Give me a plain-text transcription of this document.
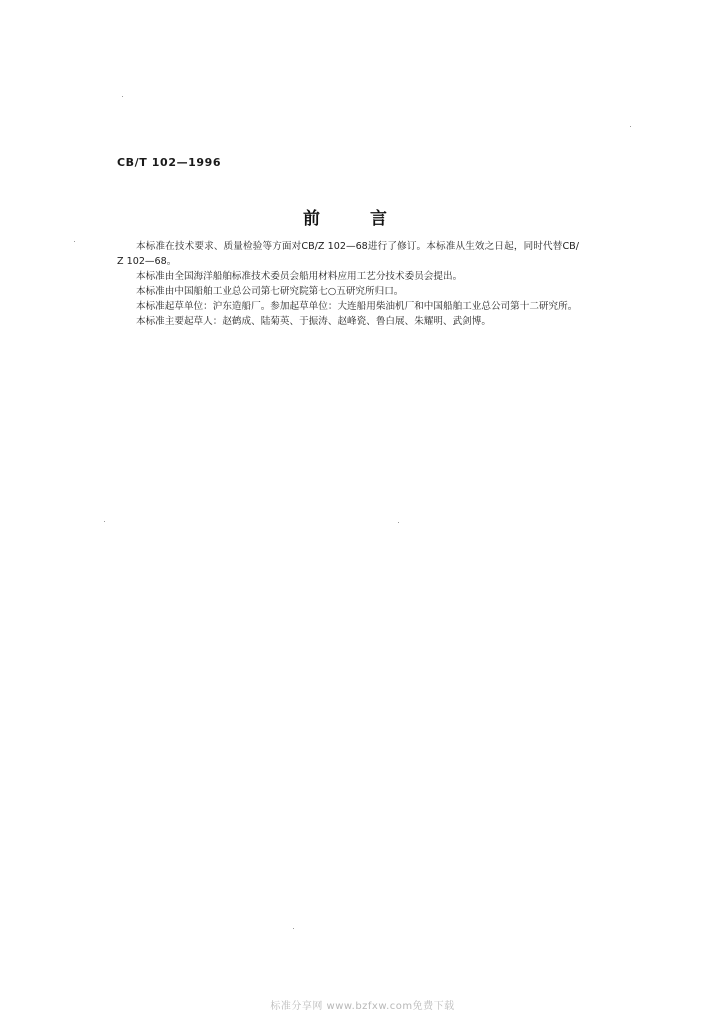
CB/T 102—1996
前言

本标准在技术要求、质量检验等方面对CB/Z 102—68进行了修订。本标准从生效之日起，同时代替CB/Z 102—68。

本标准由全国海洋船舶标准技术委员会船用材料应用工艺分技术委员会提出。

本标准由中国船舶工业总公司第七研究院第七○五研究所归口。

本标准起草单位：沪东造船厂。参加起草单位：大连船用柴油机厂和中国船舶工业总公司第十二研究所。

本标准主要起草人：赵鹤成、陆菊英、于振涛、赵峰瓷、鲁白展、朱耀明、武剑博。

标准分享网 www.bzfxw.com免费下载
